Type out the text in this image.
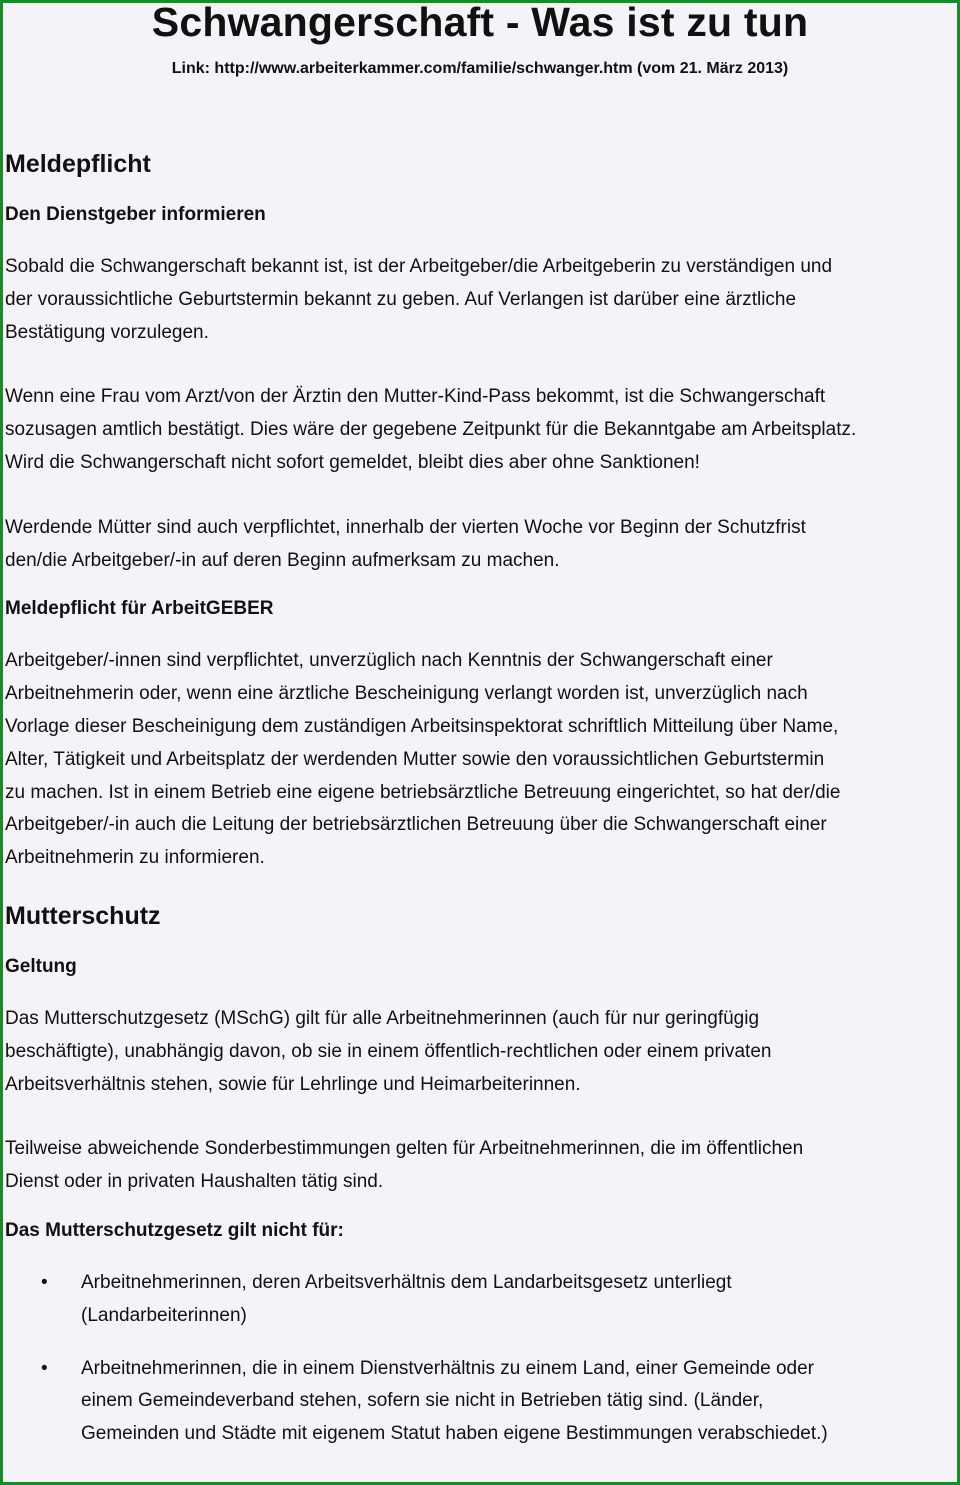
Schwangerschaft - Was ist zu tun
Link: http://www.arbeiterkammer.com/familie/schwanger.htm (vom 21. März 2013)
Meldepflicht
Den Dienstgeber informieren

Sobald die Schwangerschaft bekannt ist, ist der Arbeitgeber/die Arbeitgeberin zu verständigen und
der voraussichtliche Geburtstermin bekannt zu geben. Auf Verlangen ist darüber eine ärztliche
Bestätigung vorzulegen.

Wenn eine Frau vom Arzt/von der Ärztin den Mutter-Kind-Pass bekommt, ist die Schwangerschaft
sozusagen amtlich bestätigt. Dies wäre der gegebene Zeitpunkt für die Bekanntgabe am Arbeitsplatz.
Wird die Schwangerschaft nicht sofort gemeldet, bleibt dies aber ohne Sanktionen!

Werdende Mütter sind auch verpflichtet, innerhalb der vierten Woche vor Beginn der Schutzfrist
den/die Arbeitgeber/-in auf deren Beginn aufmerksam zu machen.

Meldepflicht für ArbeitGEBER

Arbeitgeber/-innen sind verpflichtet, unverzüglich nach Kenntnis der Schwangerschaft einer
Arbeitnehmerin oder, wenn eine ärztliche Bescheinigung verlangt worden ist, unverzüglich nach
Vorlage dieser Bescheinigung dem zuständigen Arbeitsinspektorat schriftlich Mitteilung über Name,
Alter, Tätigkeit und Arbeitsplatz der werdenden Mutter sowie den voraussichtlichen Geburtstermin
zu machen. Ist in einem Betrieb eine eigene betriebsärztliche Betreuung eingerichtet, so hat der/die
Arbeitgeber/-in auch die Leitung der betriebsärztlichen Betreuung über die Schwangerschaft einer
Arbeitnehmerin zu informieren.

Mutterschutz
Geltung

Das Mutterschutzgesetz (MSchG) gilt für alle Arbeitnehmerinnen (auch für nur geringfügig
beschäftigte), unabhängig davon, ob sie in einem öffentlich-rechtlichen oder einem privaten
Arbeitsverhältnis stehen, sowie für Lehrlinge und Heimarbeiterinnen.

Teilweise abweichende Sonderbestimmungen gelten für Arbeitnehmerinnen, die im öffentlichen
Dienst oder in privaten Haushalten tätig sind.

Das Mutterschutzgesetz gilt nicht für:
• Arbeitnehmerinnen, deren Arbeitsverhältnis dem Landarbeitsgesetz unterliegt
(Landarbeiterinnen)

• Arbeitnehmerinnen, die in einem Dienstverhältnis zu einem Land, einer Gemeinde oder
einem Gemeindeverband stehen, sofern sie nicht in Betrieben tätig sind. (Länder,
Gemeinden und Städte mit eigenem Statut haben eigene Bestimmungen verabschiedet.)
